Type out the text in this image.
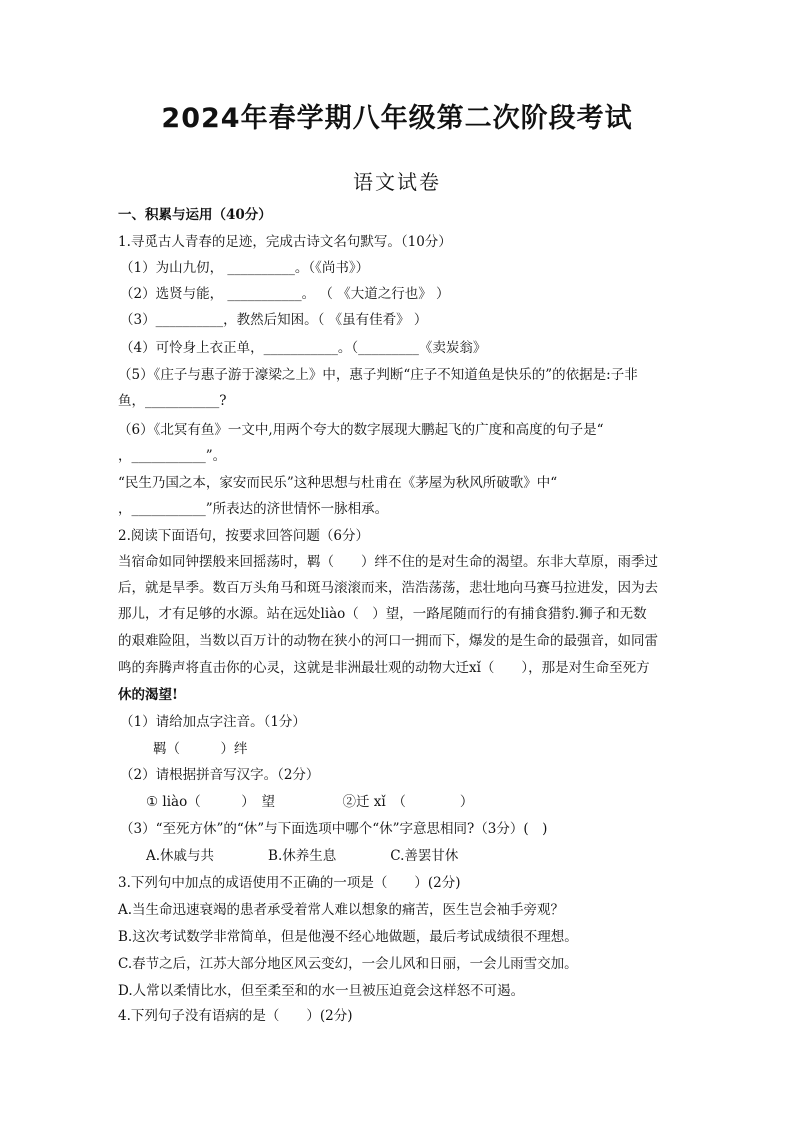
2024年春学期八年级第二次阶段考试
语文试卷
一、积累与运用（40分）
1.寻觅古人青春的足迹，完成古诗文名句默写。（10分）
（1）为山九仞， __________。（《尚书》）
（2）选贤与能， ___________。 （ 《大道之行也》 ）
（3）__________，教然后知困。（ 《虽有佳肴》 ）
（4）可怜身上衣正单，___________。（_________《卖炭翁》
（5）《庄子与惠子游于濠梁之上》中，惠子判断“庄子不知道鱼是快乐的”的依据是:子非
鱼，___________?
（6）《北冥有鱼》一文中,用两个夸大的数字展现大鹏起飞的广度和高度的句子是“
，___________”。
“民生乃国之本，家安而民乐”这种思想与杜甫在《茅屋为秋风所破歌》中“
，___________”所表达的济世情怀一脉相承。
2.阅读下面语句，按要求回答问题（6分）
当宿命如同钟摆般来回摇荡时，羁（　　）绊不住的是对生命的渴望。东非大草原，雨季过
后，就是旱季。数百万头角马和斑马滚滚而来，浩浩荡荡，悲壮地向马赛马拉进发，因为去
那儿，才有足够的水源。站在远处liào（　）望，一路尾随而行的有捕食猎豹.狮子和无数
的艰难险阻，当数以百万计的动物在狭小的河口一拥而下，爆发的是生命的最强音，如同雷
鸣的奔腾声将直击你的心灵，这就是非洲最壮观的动物大迁xǐ（　　），那是对生命至死方
休的渴望!
（1）请给加点字注音。（1分）
羁（　　　）绊
（2）请根据拼音写汉字。（2分）
① liào（　　　）　望　　　　　②迁 xǐ　（　　　　）
（3）“至死方休”的“休”与下面选项中哪个“休”字意思相同?（3分）(　)
A.休戚与共　　　　B.休养生息　　　　C.善罢甘休
3.下列句中加点的成语使用不正确的一项是（　　）(2分)
A.当生命迅速衰竭的患者承受着常人难以想象的痛苦，医生岂会袖手旁观？
B.这次考试数学非常简单，但是他漫不经心地做题，最后考试成绩很不理想。
C.春节之后，江苏大部分地区风云变幻，一会儿风和日丽，一会儿雨雪交加。
D.人常以柔情比水，但至柔至和的水一旦被压迫竟会这样怒不可遏。
4.下列句子没有语病的是（　　）(2分)
